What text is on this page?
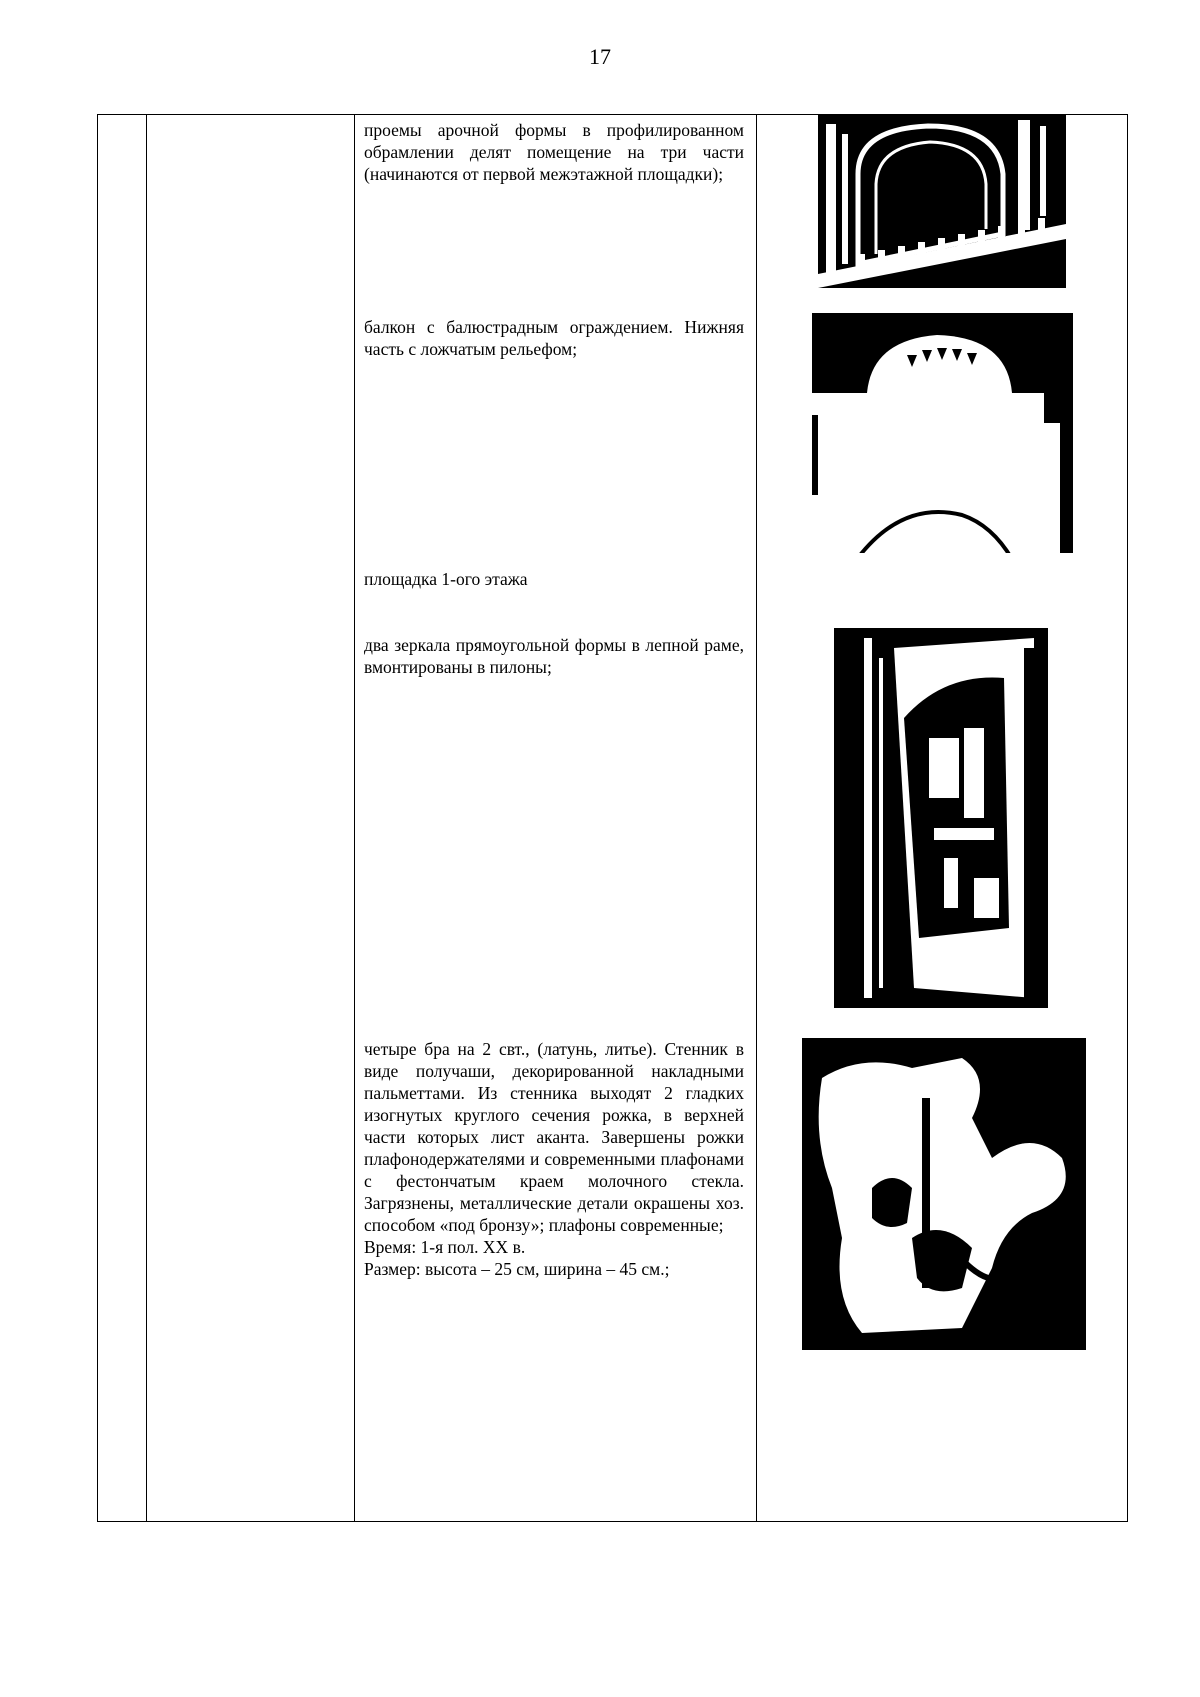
17
проемы арочной формы в профилированном обрамлении делят помещение на три части (начинаются от первой межэтажной площадки);
балкон с балюстрадным ограждением. Нижняя часть с ложчатым рельефом;
площадка 1-ого этажа
два зеркала прямоугольной формы в лепной раме, вмонтированы в пилоны;
четыре бра на 2 свт., (латунь, литье). Стенник в виде получаши, декорированной накладными пальметтами. Из стенника выходят 2 гладких изогнутых круглого сечения рожка, в верхней части которых лист аканта. Завершены рожки плафонодержателями и современными плафонами с фестончатым краем молочного стекла. Загрязнены, металлические детали окрашены хоз. способом «под бронзу»; плафоны современные;
Время: 1-я пол. ХХ в.
Размер: высота – 25 см, ширина – 45 см.;
